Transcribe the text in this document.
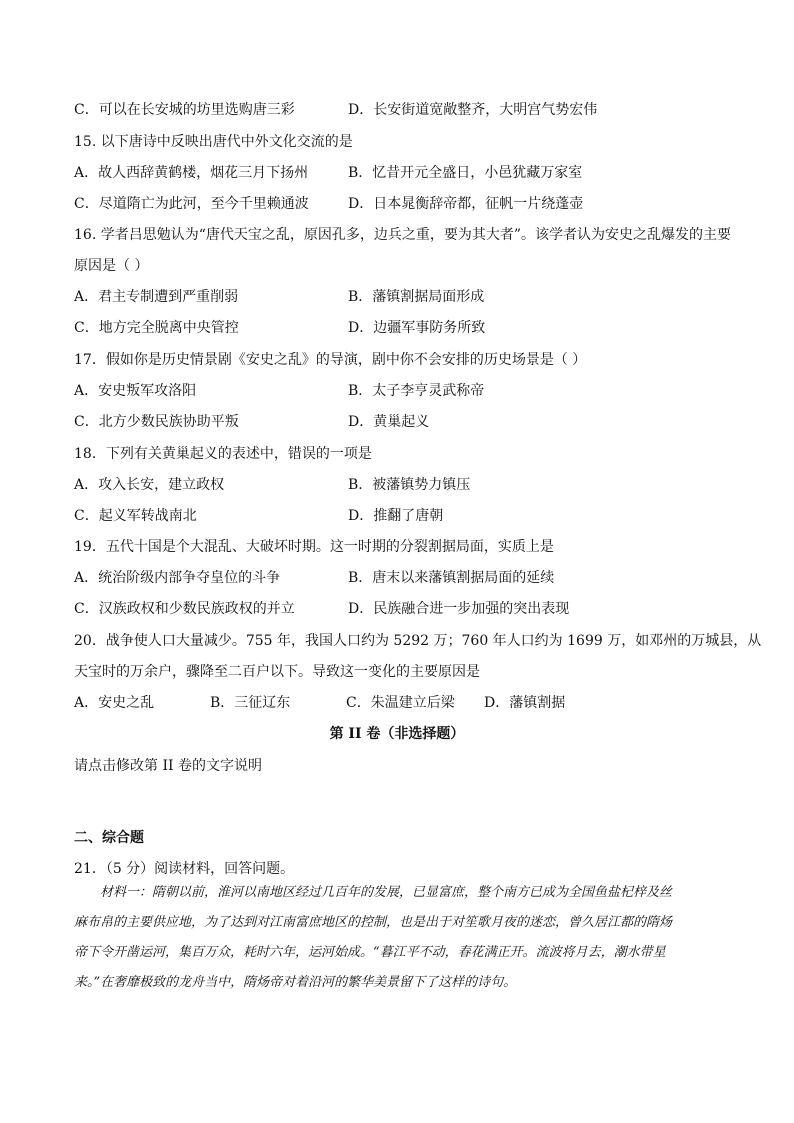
C．可以在长安城的坊里选购唐三彩	D．长安街道宽敞整齐，大明宫气势宏伟
15. 以下唐诗中反映出唐代中外文化交流的是
A．故人西辞黄鹤楼，烟花三月下扬州	B．忆昔开元全盛日，小邑犹藏万家室
C．尽道隋亡为此河，至今千里赖通波	D．日本晁衡辞帝都，征帆一片绕蓬壶
16. 学者吕思勉认为“唐代天宝之乱，原因孔多，边兵之重，要为其大者”。该学者认为安史之乱爆发的主要
原因是（ ）
A．君主专制遭到严重削弱	B．藩镇割据局面形成
C．地方完全脱离中央管控	D．边疆军事防务所致
17．假如你是历史情景剧《安史之乱》的导演，剧中你不会安排的历史场景是（ ）
A．安史叛军攻洛阳	B．太子李亨灵武称帝
C．北方少数民族协助平叛	D．黄巢起义
18．下列有关黄巢起义的表述中，错误的一项是
A．攻入长安，建立政权	B．被藩镇势力镇压
C．起义军转战南北	D．推翻了唐朝
19．五代十国是个大混乱、大破坏时期。这一时期的分裂割据局面，实质上是
A．统治阶级内部争夺皇位的斗争	B．唐末以来藩镇割据局面的延续
C．汉族政权和少数民族政权的并立	D．民族融合进一步加强的突出表现
20．战争使人口大量减少。755 年，我国人口约为 5292 万；760 年人口约为 1699 万，如邓州的万城县，从
天宝时的万余户，骤降至二百户以下。导致这一变化的主要原因是
A．安史之乱	B．三征辽东	C．朱温建立后梁 D．藩镇割据
第 II 卷（非选择题）
请点击修改第 II 卷的文字说明
二、综合题
21．（5 分）阅读材料，回答问题。

材料一：隋朝以前，淮河以南地区经过几百年的发展，已显富庶，整个南方已成为全国鱼盐杞梓及丝

麻布帛的主要供应地，为了达到对江南富庶地区的控制，也是出于对笙歌月夜的迷恋，曾久居江都的隋炀

帝下令开凿运河，集百万众，耗时六年，运河始成。“暮江平不动，春花满正开。流波将月去，潮水带星

来。”在奢靡极致的龙舟当中，隋炀帝对着沿河的繁华美景留下了这样的诗句。
